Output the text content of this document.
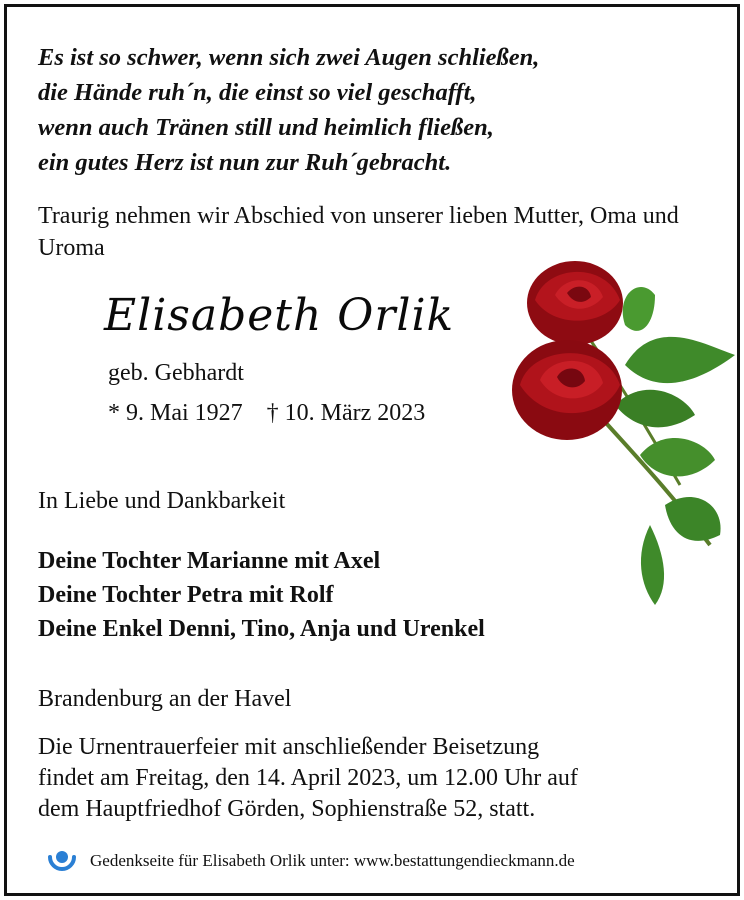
Es ist so schwer, wenn sich zwei Augen schließen,
die Hände ruh´n, die einst so viel geschafft,
wenn auch Tränen still und heimlich fließen,
ein gutes Herz ist nun zur Ruh´gebracht.
Traurig nehmen wir Abschied von unserer lieben Mutter, Oma und Uroma
Elisabeth Orlik
geb. Gebhardt
* 9. Mai 1927 † 10. März 2023
In Liebe und Dankbarkeit
Deine Tochter Marianne mit Axel
Deine Tochter Petra mit Rolf
Deine Enkel Denni, Tino, Anja und Urenkel
Brandenburg an der Havel
Die Urnentrauerfeier mit anschließender Beisetzung
findet am Freitag, den 14. April 2023, um 12.00 Uhr auf
dem Hauptfriedhof Görden, Sophienstraße 52, statt.
Gedenkseite für Elisabeth Orlik unter: www.bestattungendieckmann.de
